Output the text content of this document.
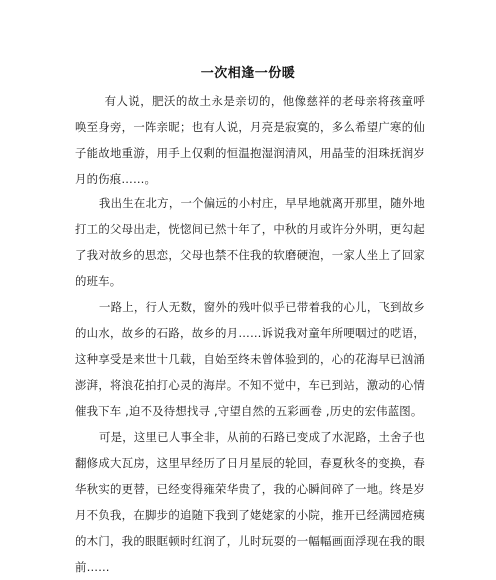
一次相逢一份暖

有人说，肥沃的故土永是亲切的，他像慈祥的老母亲将孩童呼唤至身旁，一阵亲昵；也有人说，月亮是寂寞的，多么希望广寒的仙子能故地重游，用手上仅剩的恒温抱湿润清风，用晶莹的泪珠抚润岁月的伤痕……。

我出生在北方，一个偏远的小村庄，早早地就离开那里，随外地打工的父母出走，恍惚间已然十年了，中秋的月或许分外明，更勾起了我对故乡的思恋，父母也禁不住我的软磨硬泡，一家人坐上了回家的班车。

一路上，行人无数，窗外的残叶似乎已带着我的心儿，飞到故乡的山水，故乡的石路，故乡的月……诉说我对童年所哽咽过的呓语，这种享受是来世十几载，自始至终未曾体验到的，心的花海早已汹涌澎湃，将浪花拍打心灵的海岸。不知不觉中，车已到站，激动的心情催我下车 ,迫不及待想找寻 ,守望自然的五彩画卷 ,历史的宏伟蓝图。

可是，这里已人事全非，从前的石路已变成了水泥路，土舍子也翻修成大瓦房，这里早经历了日月星辰的轮回，春夏秋冬的变换，春华秋实的更替，已经变得雍荣华贵了，我的心瞬间碎了一地。终是岁月不负我，在脚步的追随下我到了姥姥家的小院，推开已经满园疮痍的木门，我的眼眶顿时红润了，儿时玩耍的一幅幅画面浮现在我的眼前……
